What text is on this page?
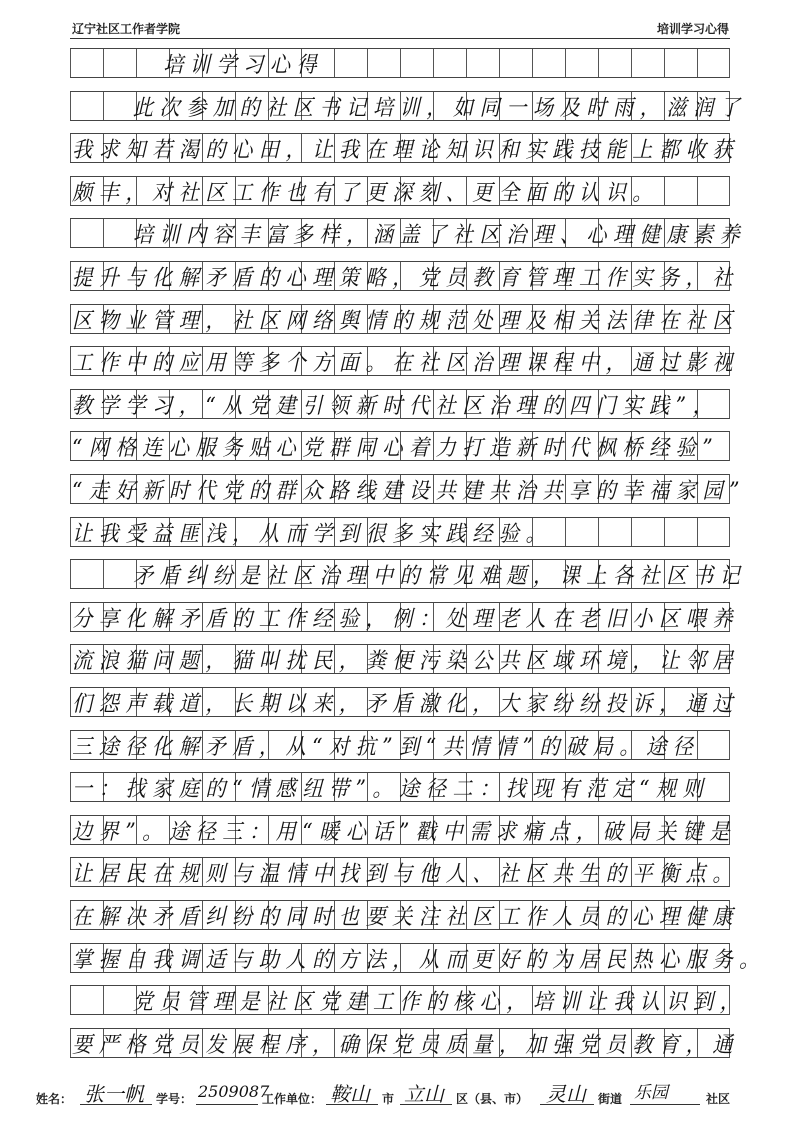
辽宁社区工作者学院	培训学习心得
培训学习心得
此次参加的社区书记培训，如同一场及时雨，滋润了
我求知若渴的心田，让我在理论知识和实践技能上都收获
颇丰，对社区工作也有了更深刻、更全面的认识。
培训内容丰富多样，涵盖了社区治理、心理健康素养
提升与化解矛盾的心理策略，党员教育管理工作实务，社
区物业管理，社区网络舆情的规范处理及相关法律在社区
工作中的应用等多个方面。在社区治理课程中，通过影视
教学学习，“从党建引领新时代社区治理的四门实践”，
“网格连心服务贴心党群同心着力打造新时代枫桥经验”
“走好新时代党的群众路线建设共建共治共享的幸福家园”
让我受益匪浅，从而学到很多实践经验。
矛盾纠纷是社区治理中的常见难题，课上各社区书记
分享化解矛盾的工作经验，例：处理老人在老旧小区喂养
流浪猫问题，猫叫扰民，粪便污染公共区域环境，让邻居
们怨声载道，长期以来，矛盾激化，大家纷纷投诉，通过
三途径化解矛盾，从“对抗”到“共情情”的破局。途径
一：找家庭的“情感纽带”。途径二：找现有范定“规则
边界”。途径三：用“暖心话”戳中需求痛点，破局关键是
让居民在规则与温情中找到与他人、社区共生的平衡点。
在解决矛盾纠纷的同时也要关注社区工作人员的心理健康
掌握自我调适与助人的方法，从而更好的为居民热心服务。
党员管理是社区党建工作的核心，培训让我认识到，
要严格党员发展程序，确保党员质量，加强党员教育，通
姓名： 张一帆 学号： 2509087
工作单位： 鞍山 市 立山 区（县、市） 灵山 街道 乐园	社区
